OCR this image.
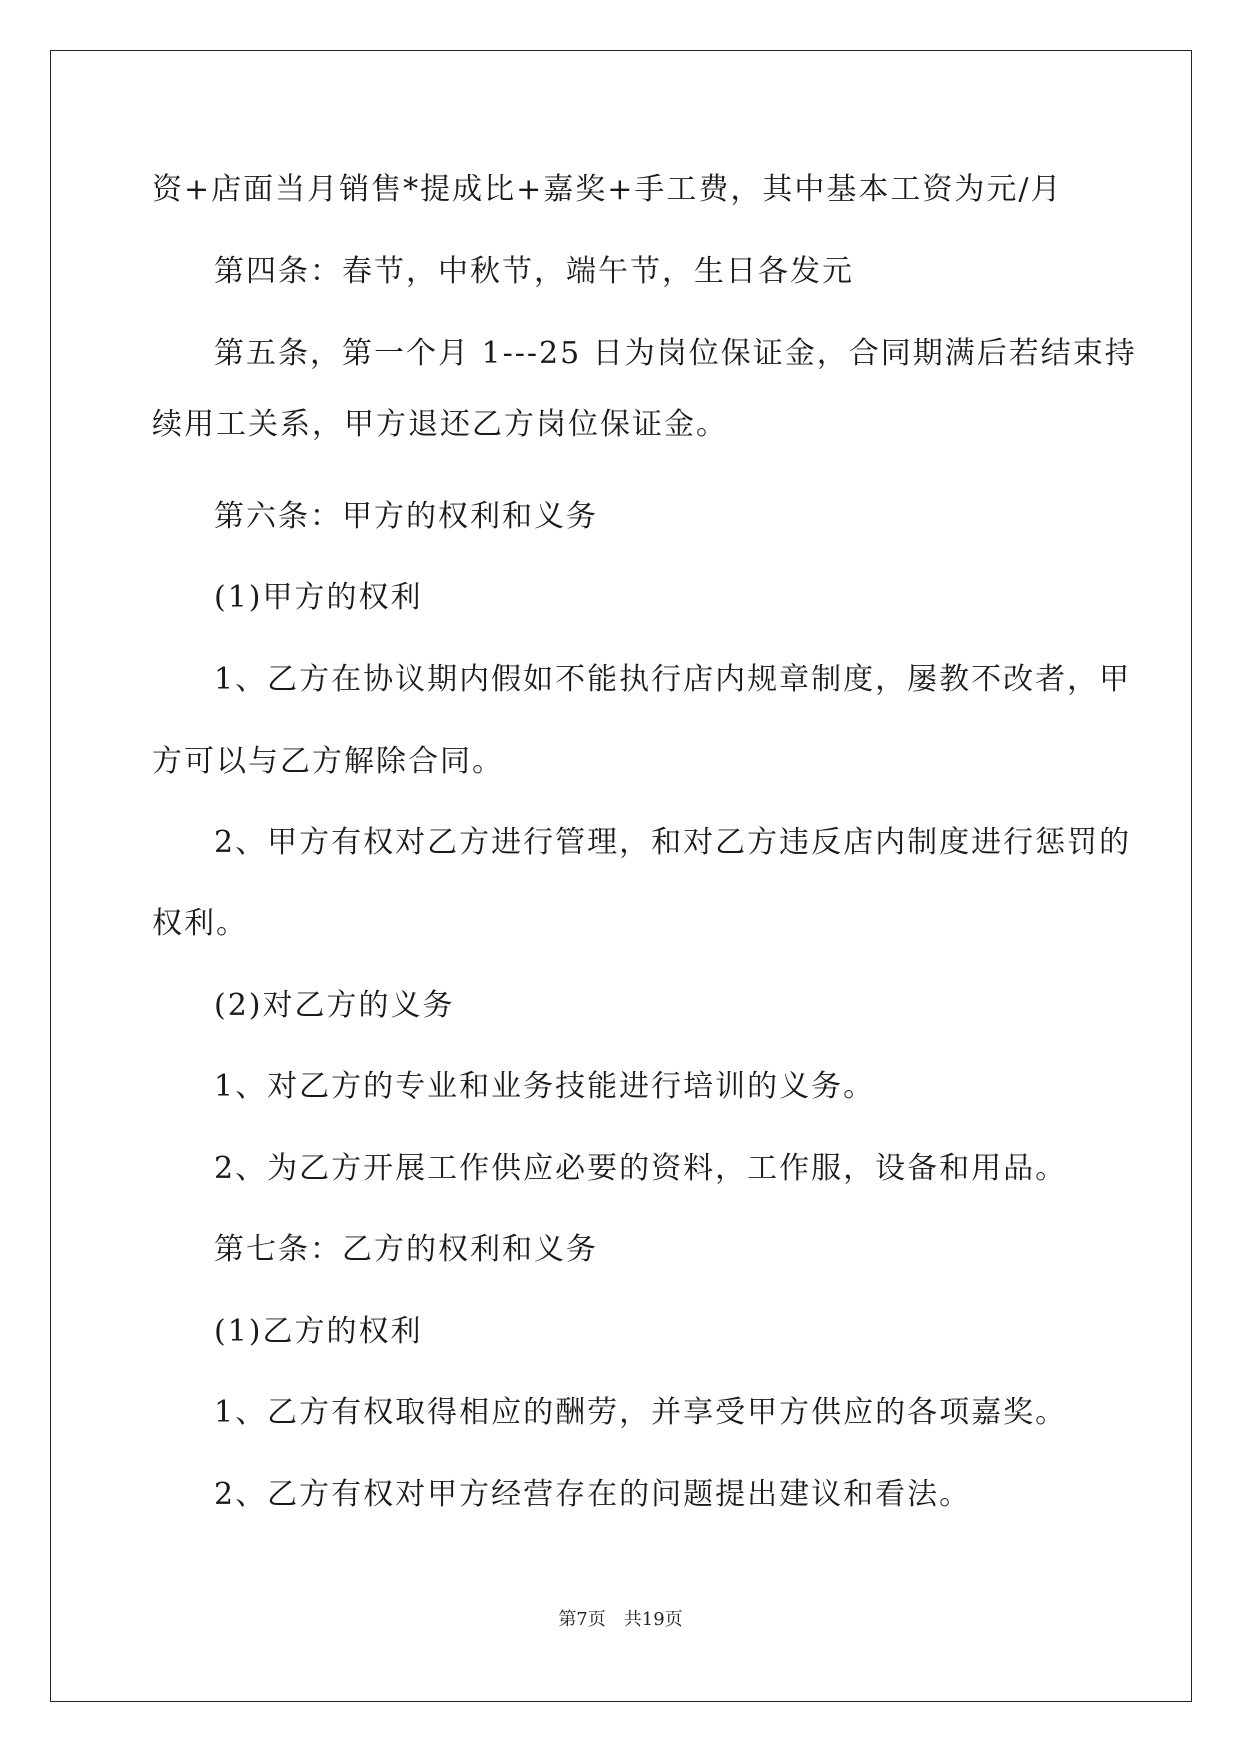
资+店面当月销售*提成比+嘉奖+手工费，其中基本工资为元/月
第四条：春节，中秋节，端午节，生日各发元
第五条，第一个月 1---25 日为岗位保证金，合同期满后若结束持
续用工关系，甲方退还乙方岗位保证金。
第六条：甲方的权利和义务
(1)甲方的权利
1、乙方在协议期内假如不能执行店内规章制度，屡教不改者，甲
方可以与乙方解除合同。
2、甲方有权对乙方进行管理，和对乙方违反店内制度进行惩罚的
权利。
(2)对乙方的义务
1、对乙方的专业和业务技能进行培训的义务。
2、为乙方开展工作供应必要的资料，工作服，设备和用品。
第七条：乙方的权利和义务
(1)乙方的权利
1、乙方有权取得相应的酬劳，并享受甲方供应的各项嘉奖。
2、乙方有权对甲方经营存在的问题提出建议和看法。
第7页 共19页
